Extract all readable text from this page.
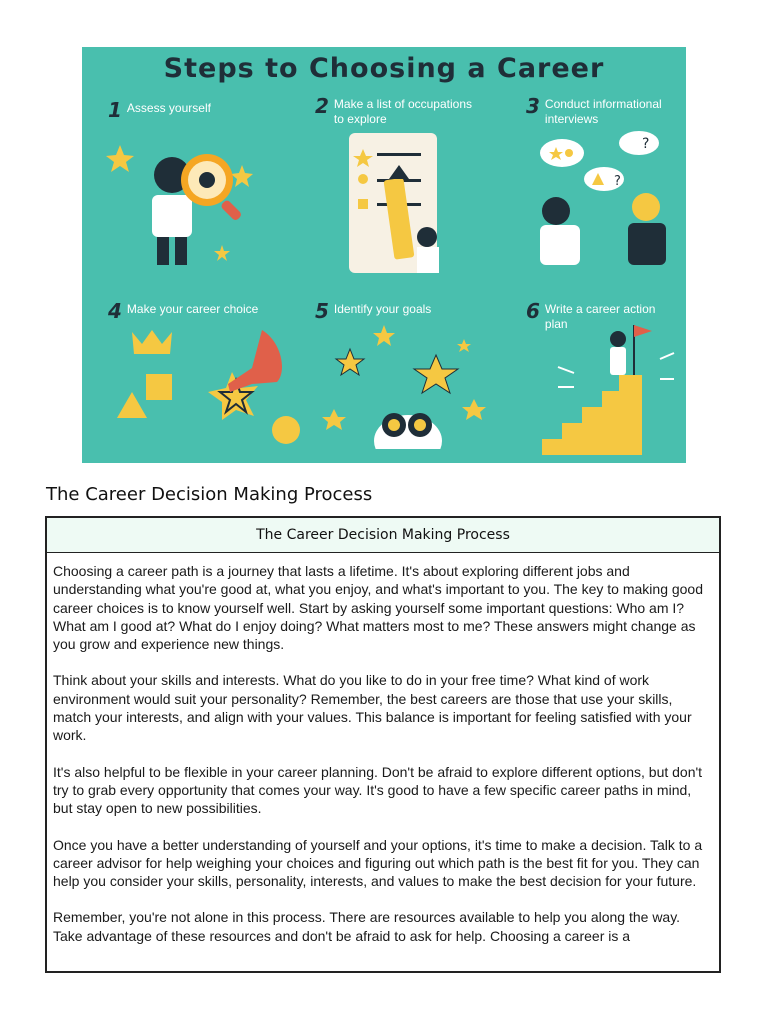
Steps to Choosing a Career
1 Assess yourself	2 Make a list of occupations to explore
3 Conduct informational interviews
?
?
4 Make your career choice	5 Identify your goals	6 Write a career action plan
The Career Decision Making Process
The Career Decision Making Process

Choosing a career path is a journey that lasts a lifetime. It's about exploring different jobs and understanding what you're good at, what you enjoy, and what's important to you. The key to making good career choices is to know yourself well. Start by asking yourself some important questions: Who am I? What am I good at? What do I enjoy doing? What matters most to me? These answers might change as you grow and experience new things.

Think about your skills and interests. What do you like to do in your free time? What kind of work environment would suit your personality? Remember, the best careers are those that use your skills, match your interests, and align with your values. This balance is important for feeling satisfied with your work.

It's also helpful to be flexible in your career planning. Don't be afraid to explore different options, but don't try to grab every opportunity that comes your way. It's good to have a few specific career paths in mind, but stay open to new possibilities.

Once you have a better understanding of yourself and your options, it's time to make a decision. Talk to a career advisor for help weighing your choices and figuring out which path is the best fit for you. They can help you consider your skills, personality, interests, and values to make the best decision for your future.

Remember, you're not alone in this process. There are resources available to help you along the way. Take advantage of these resources and don't be afraid to ask for help. Choosing a career is a
